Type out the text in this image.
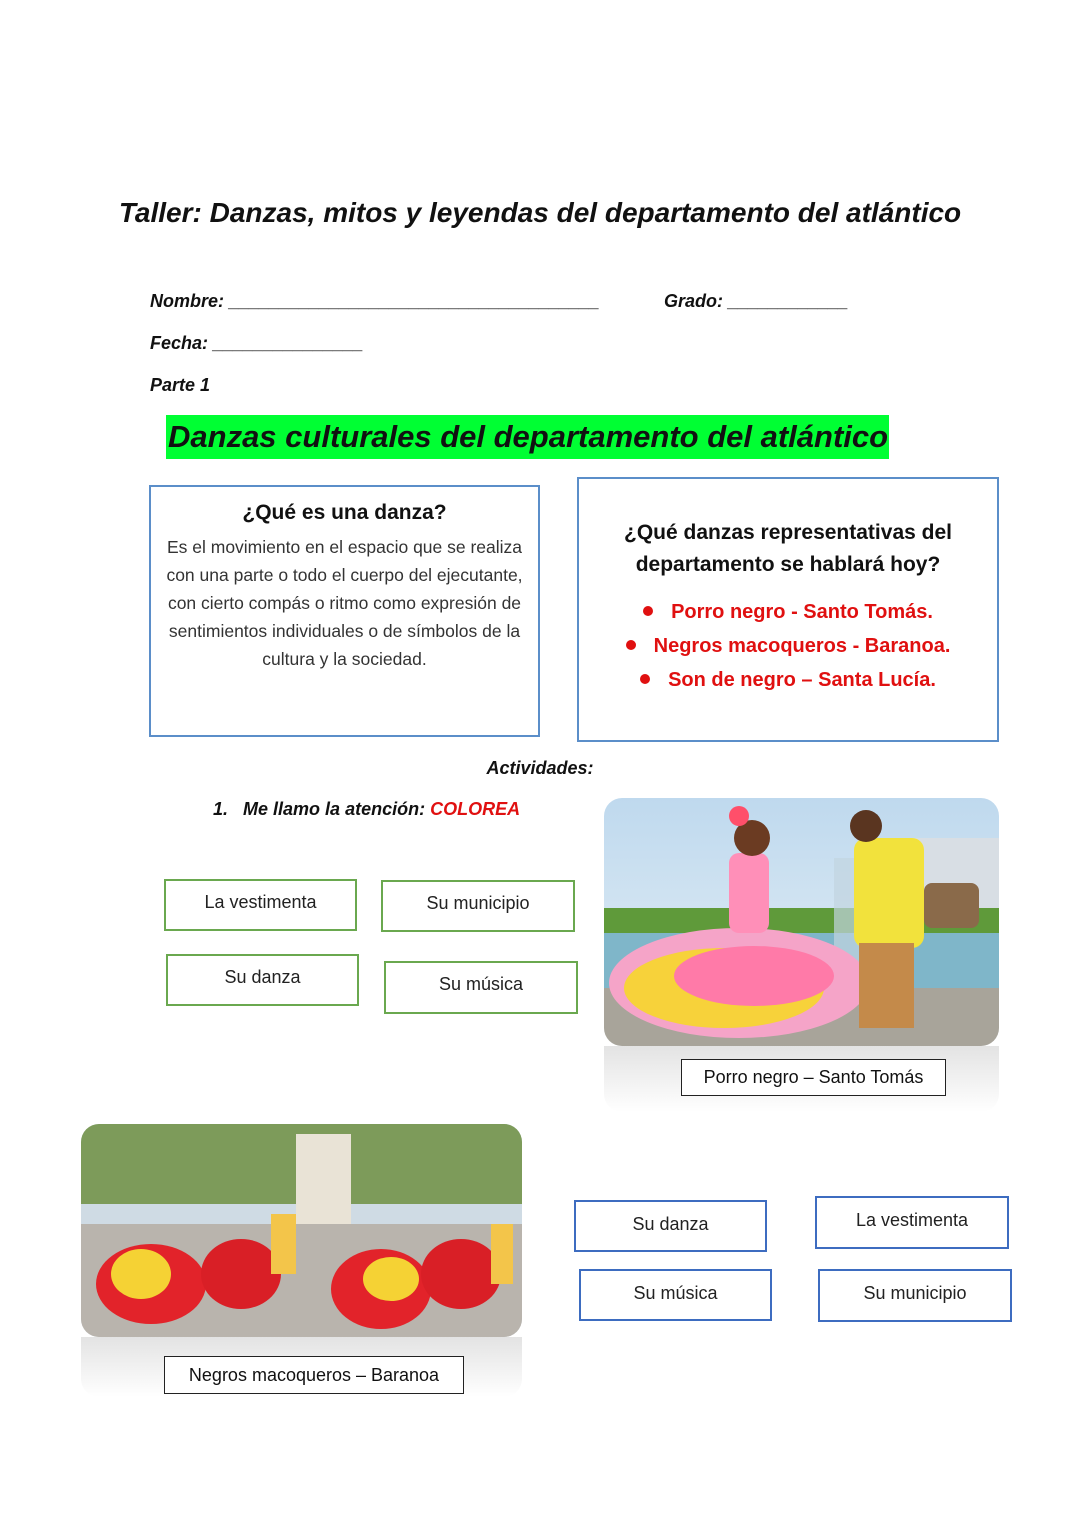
Taller: Danzas, mitos y leyendas del departamento del atlántico
Nombre: _____________________________________	Grado: ____________
Fecha: _______________
Parte 1
Danzas culturales del departamento del atlántico
¿Qué es una danza?

Es el movimiento en el espacio que se realiza con una parte o todo el cuerpo del ejecutante, con cierto compás o ritmo como expresión de sentimientos individuales o de símbolos de la cultura y la sociedad.

¿Qué danzas representativas del departamento se hablará hoy?
Porro negro - Santo Tomás.
Negros macoqueros - Baranoa.
Son de negro – Santa Lucía.
Actividades:
1. Me llamo la atención: COLOREA
La vestimenta	Su municipio
Su danza	Su música
Porro negro – Santo Tomás
Negros macoqueros – Baranoa
Su danza	La vestimenta
Su música	Su municipio
